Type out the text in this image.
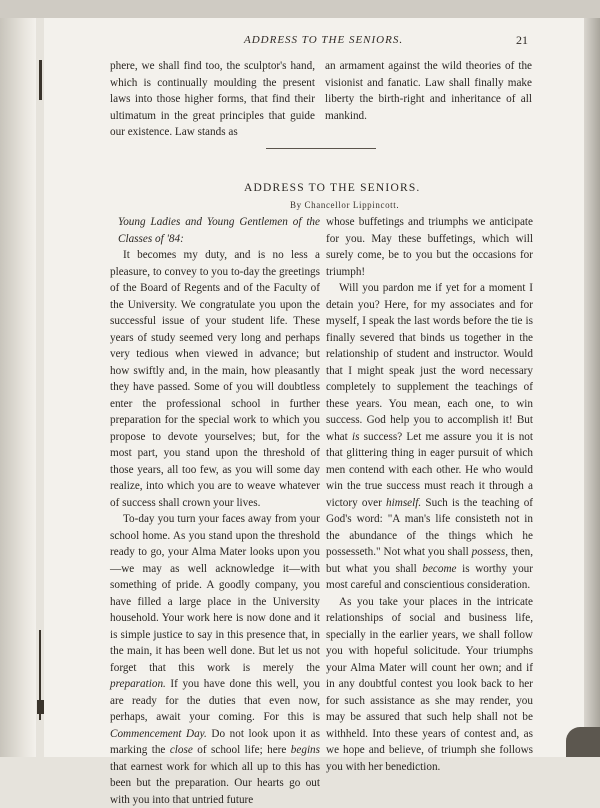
ADDRESS TO THE SENIORS.	21

phere, we shall find too, the sculptor's hand, which is continually moulding the present laws into those higher forms, that find their ultimatum in the great principles that guide our existence. Law stands as

an armament against the wild theories of the visionist and fanatic. Law shall finally make liberty the birth-right and inheritance of all mankind.

ADDRESS TO THE SENIORS.
By Chancellor Lippincott.

Young Ladies and Young Gentlemen of the Classes of '84:

It becomes my duty, and is no less a pleasure, to convey to you to-day the greetings of the Board of Regents and of the Faculty of the University. We congratulate you upon the successful issue of your student life. These years of study seemed very long and perhaps very tedious when viewed in advance; but how swiftly and, in the main, how pleasantly they have passed. Some of you will doubtless enter the professional school in further preparation for the special work to which you propose to devote yourselves; but, for the most part, you stand upon the threshold of those years, all too few, as you will some day realize, into which you are to weave whatever of success shall crown your lives.

To-day you turn your faces away from your school home. As you stand upon the threshold ready to go, your Alma Mater looks upon you—we may as well acknowledge it—with something of pride. A goodly company, you have filled a large place in the University household. Your work here is now done and it is simple justice to say in this presence that, in the main, it has been well done. But let us not forget that this work is merely the preparation. If you have done this well, you are ready for the duties that even now, perhaps, await your coming. For this is Commencement Day. Do not look upon it as marking the close of school life; here begins that earnest work for which all up to this has been but the preparation. Our hearts go out with you into that untried future

whose buffetings and triumphs we anticipate for you. May these buffetings, which will surely come, be to you but the occasions for triumph!

Will you pardon me if yet for a moment I detain you? Here, for my associates and for myself, I speak the last words before the tie is finally severed that binds us together in the relationship of student and instructor. Would that I might speak just the word necessary completely to supplement the teachings of these years. You mean, each one, to win success. God help you to accomplish it! But what is success? Let me assure you it is not that glittering thing in eager pursuit of which men contend with each other. He who would win the true success must reach it through a victory over himself. Such is the teaching of God's word: "A man's life consisteth not in the abundance of the things which he possesseth." Not what you shall possess, then, but what you shall become is worthy your most careful and conscientious consideration.

As you take your places in the intricate relationships of social and business life, specially in the earlier years, we shall follow you with hopeful solicitude. Your triumphs your Alma Mater will count her own; and if in any doubtful contest you look back to her for such assistance as she may render, you may be assured that such help shall not be withheld. Into these years of contest and, as we hope and believe, of triumph she follows you with her benediction.
